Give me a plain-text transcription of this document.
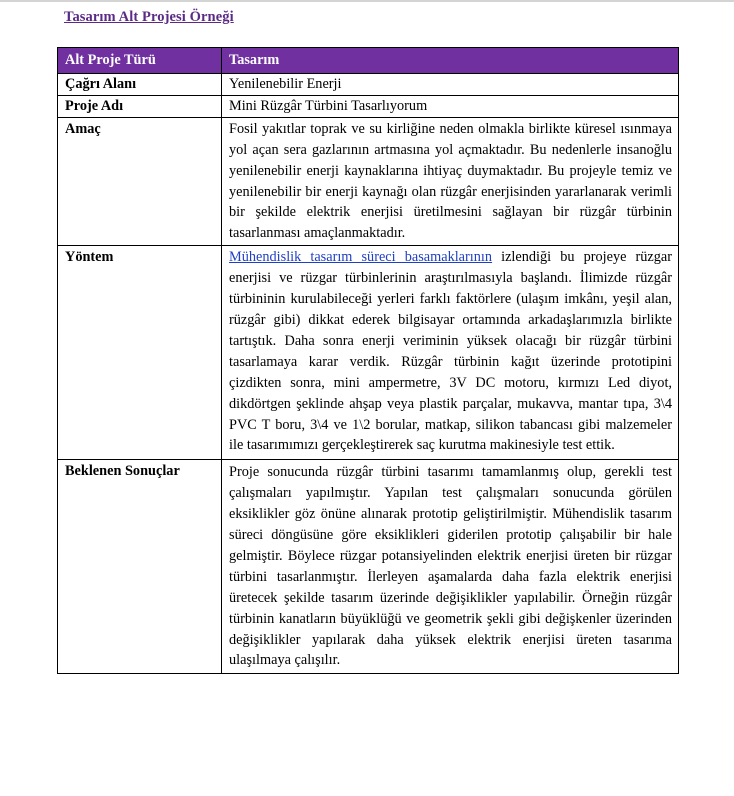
Tasarım Alt Projesi Örneği
Alt Proje Türü	Tasarım
Çağrı Alanı	Yenilenebilir Enerji
Proje Adı	Mini Rüzgâr Türbini Tasarlıyorum
Amaç	Fosil yakıtlar toprak ve su kirliğine neden olmakla birlikte küresel ısınmaya yol açan sera gazlarının artmasına yol açmaktadır. Bu nedenlerle insanoğlu yenilenebilir enerji kaynaklarına ihtiyaç duymaktadır. Bu projeyle temiz ve yenilenebilir bir enerji kaynağı olan rüzgâr enerjisinden yararlanarak verimli bir şekilde elektrik enerjisi üretilmesini sağlayan bir rüzgâr türbinin tasarlanması amaçlanmaktadır.
Yöntem	Mühendislik tasarım süreci basamaklarının izlendiği bu projeye rüzgar enerjisi ve rüzgar türbinlerinin araştırılmasıyla başlandı. İlimizde rüzgâr türbininin kurulabileceği yerleri farklı faktörlere (ulaşım imkânı, yeşil alan, rüzgâr gibi) dikkat ederek bilgisayar ortamında arkadaşlarımızla birlikte tartıştık. Daha sonra enerji veriminin yüksek olacağı bir rüzgâr türbini tasarlamaya karar verdik. Rüzgâr türbinin kağıt üzerinde prototipini çizdikten sonra, mini ampermetre, 3V DC motoru, kırmızı Led diyot, dikdörtgen şeklinde ahşap veya plastik parçalar, mukavva, mantar tıpa, 3\4 PVC T boru, 3\4 ve 1\2 borular, matkap, silikon tabancası gibi malzemeler ile tasarımımızı gerçekleştirerek saç kurutma makinesiyle test ettik.
Beklenen Sonuçlar	Proje sonucunda rüzgâr türbini tasarımı tamamlanmış olup, gerekli test çalışmaları yapılmıştır. Yapılan test çalışmaları sonucunda görülen eksiklikler göz önüne alınarak prototip geliştirilmiştir. Mühendislik tasarım süreci döngüsüne göre eksiklikleri giderilen prototip çalışabilir bir hale gelmiştir. Böylece rüzgar potansiyelinden elektrik enerjisi üreten bir rüzgar türbini tasarlanmıştır. İlerleyen aşamalarda daha fazla elektrik enerjisi üretecek şekilde tasarım üzerinde değişiklikler yapılabilir. Örneğin rüzgâr türbinin kanatların büyüklüğü ve geometrik şekli gibi değişkenler üzerinden değişiklikler yapılarak daha yüksek elektrik enerjisi üreten tasarıma ulaşılmaya çalışılır.
